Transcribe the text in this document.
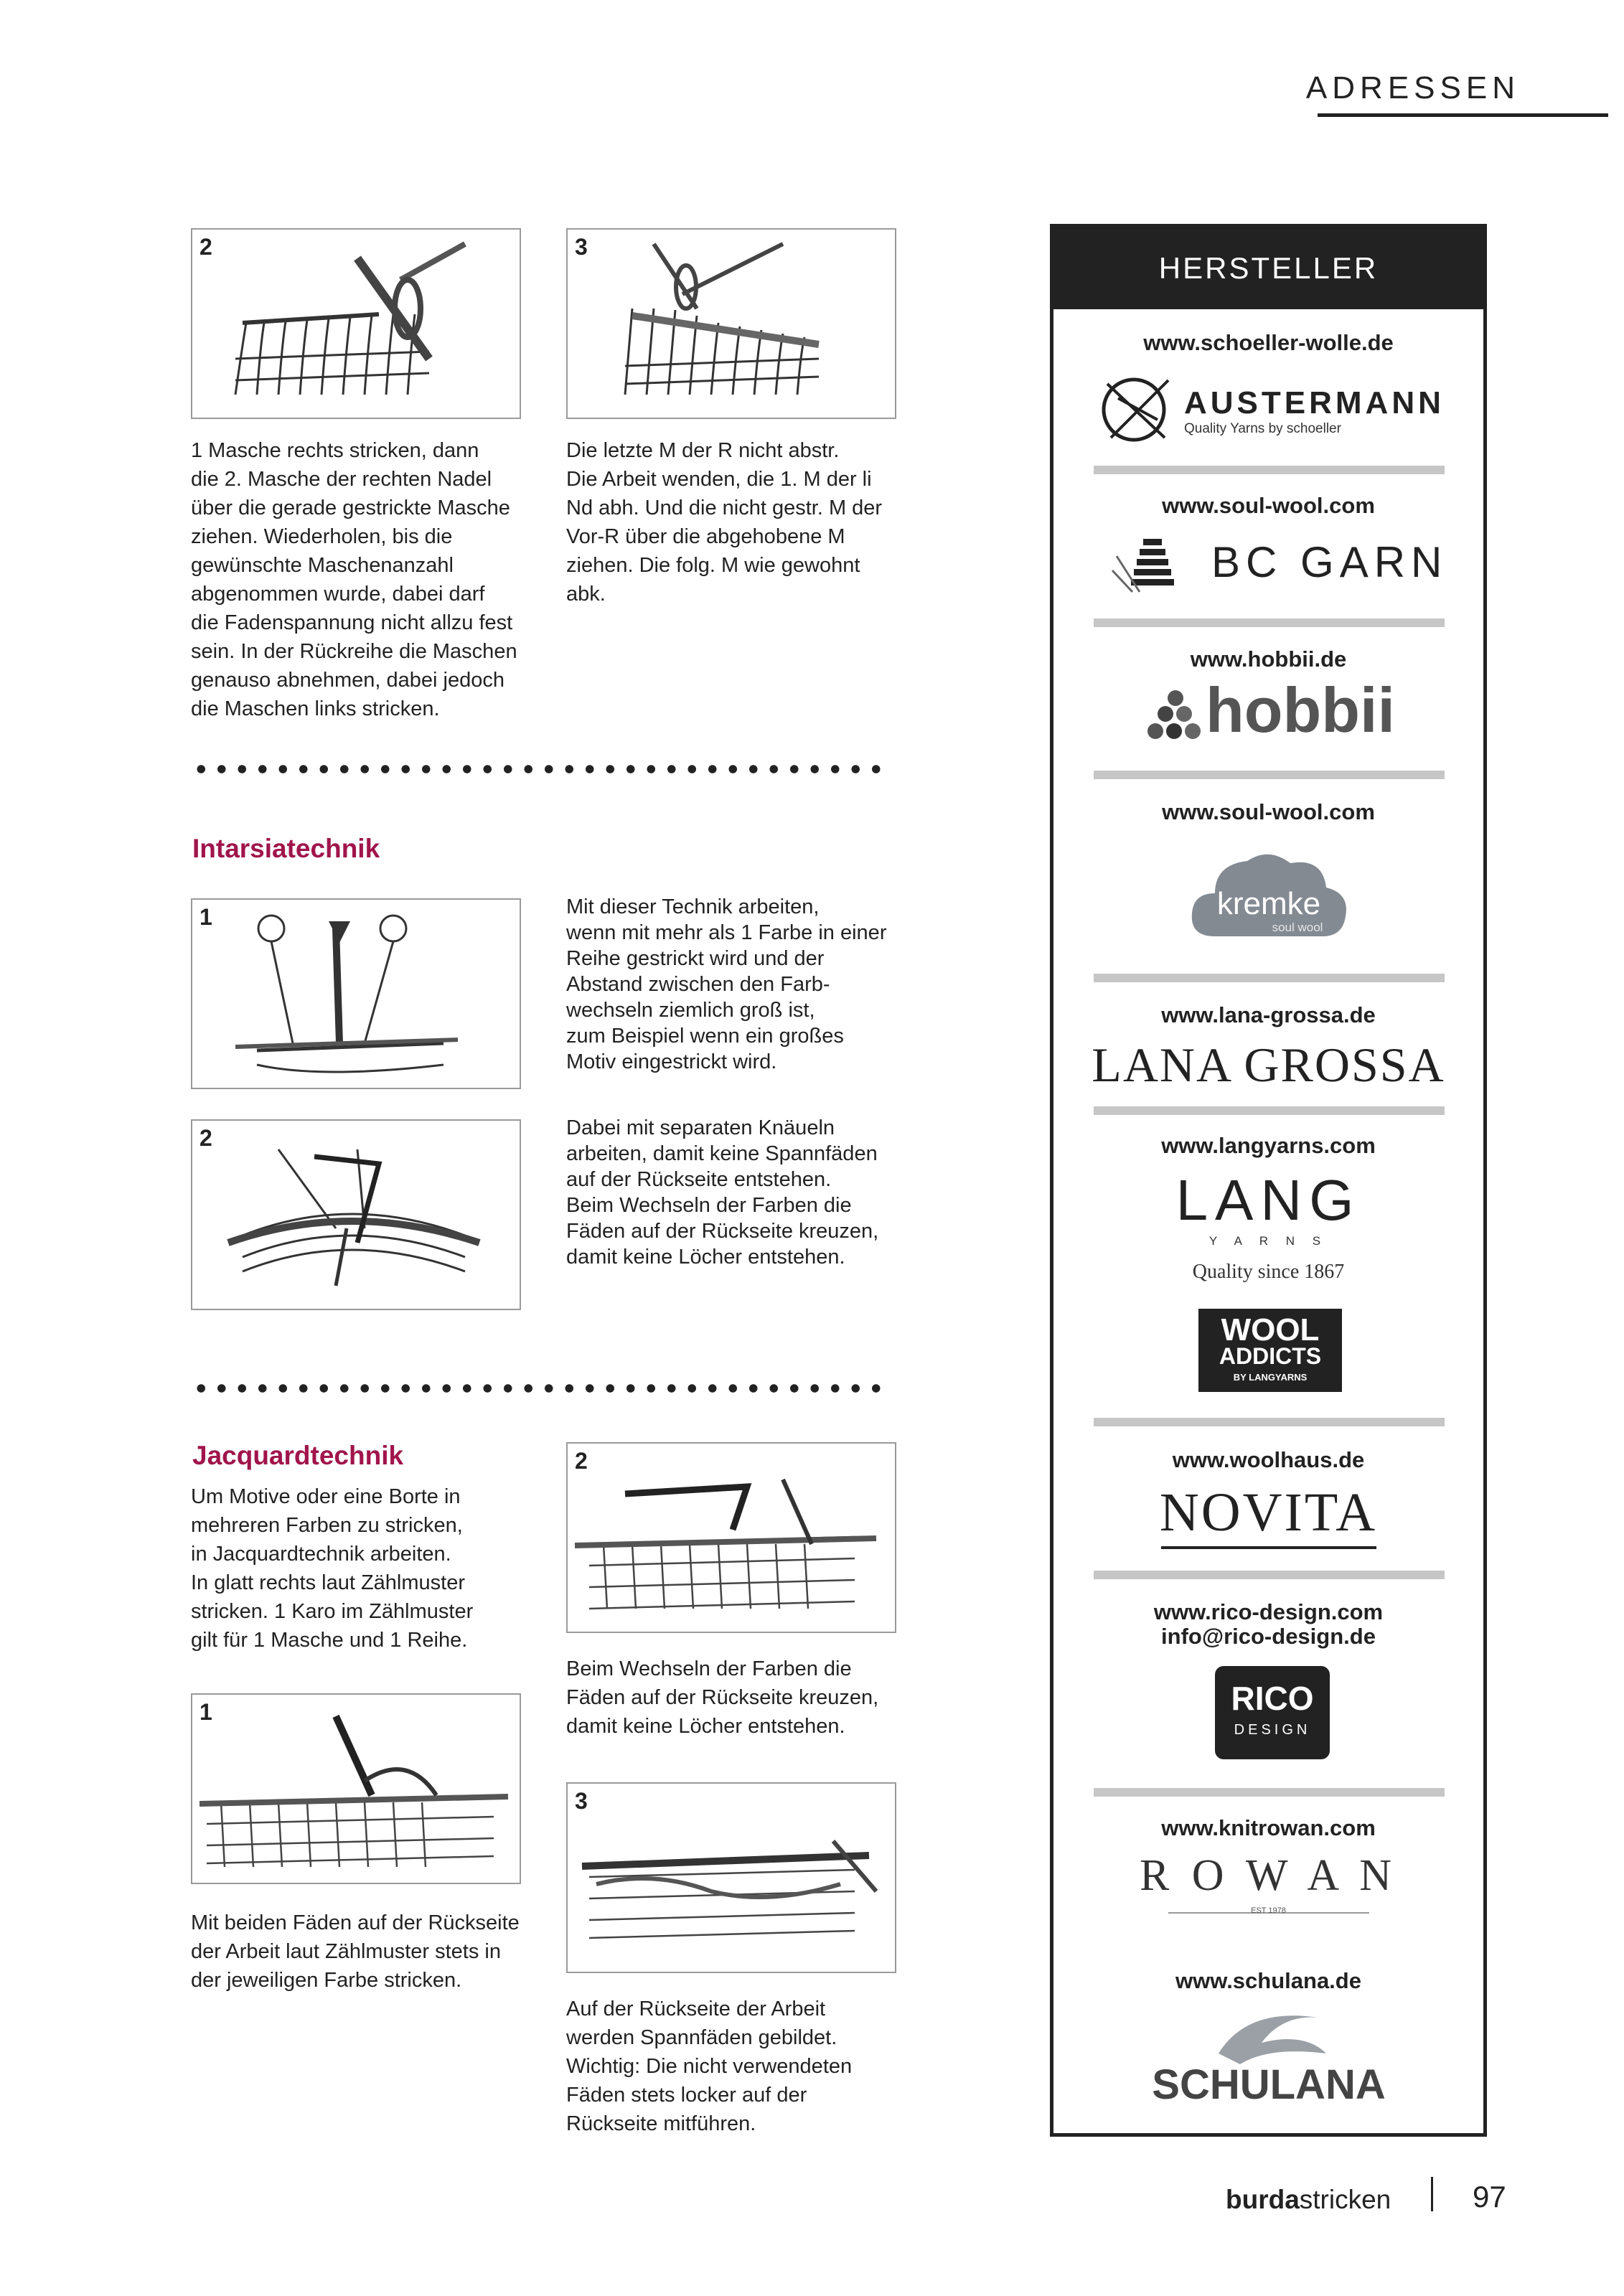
ADRESSEN
2	3
1 Masche rechts stricken, dann
die 2. Masche der rechten Nadel
über die gerade gestrickte Masche
ziehen. Wiederholen, bis die
gewünschte Maschenanzahl
abgenommen wurde, dabei darf
die Fadenspannung nicht allzu fest
sein. In der Rückreihe die Maschen
genauso abnehmen, dabei jedoch
die Maschen links stricken.
Die letzte M der R nicht abstr.
Die Arbeit wenden, die 1. M der li
Nd abh. Und die nicht gestr. M der
Vor-R über die abgehobene M
ziehen. Die folg. M wie gewohnt
abk.
Intarsiatechnik
1	Mit dieser Technik arbeiten,
wenn mit mehr als 1 Farbe in einer
Reihe gestrickt wird und der
Abstand zwischen den Farb-
wechseln ziemlich groß ist,
zum Beispiel wenn ein großes
Motiv eingestrickt wird.
2	Dabei mit separaten Knäueln
arbeiten, damit keine Spannfäden
auf der Rückseite entstehen.
Beim Wechseln der Farben die
Fäden auf der Rückseite kreuzen,
damit keine Löcher entstehen.
Jacquardtechnik
Um Motive oder eine Borte in
mehreren Farben zu stricken,
in Jacquardtechnik arbeiten.
In glatt rechts laut Zählmuster
stricken. 1 Karo im Zählmuster
gilt für 1 Masche und 1 Reihe.
1
Mit beiden Fäden auf der Rückseite
der Arbeit laut Zählmuster stets in
der jeweiligen Farbe stricken.
2
Beim Wechseln der Farben die
Fäden auf der Rückseite kreuzen,
damit keine Löcher entstehen.
3
Auf der Rückseite der Arbeit
werden Spannfäden gebildet.
Wichtig: Die nicht verwendeten
Fäden stets locker auf der
Rückseite mitführen.
HERSTELLER
www.schoeller-wolle.de
AUSTERMANN
Quality Yarns by schoeller
www.soul-wool.com
BC GARN
www.hobbii.de
hobbii
www.soul-wool.com
kremke
soul wool
www.lana-grossa.de
LANA GROSSA
www.langyarns.com
LANG
Y A R N S
Quality since 1867
WOOL
ADDICTS
BY LANGYARNS
www.woolhaus.de
NOVITA
www.rico-design.com
info@rico-design.de
RICO
DESIGN
www.knitrowan.com
R O W A N
EST 1978
www.schulana.de
SCHULANA
burdastricken	97
